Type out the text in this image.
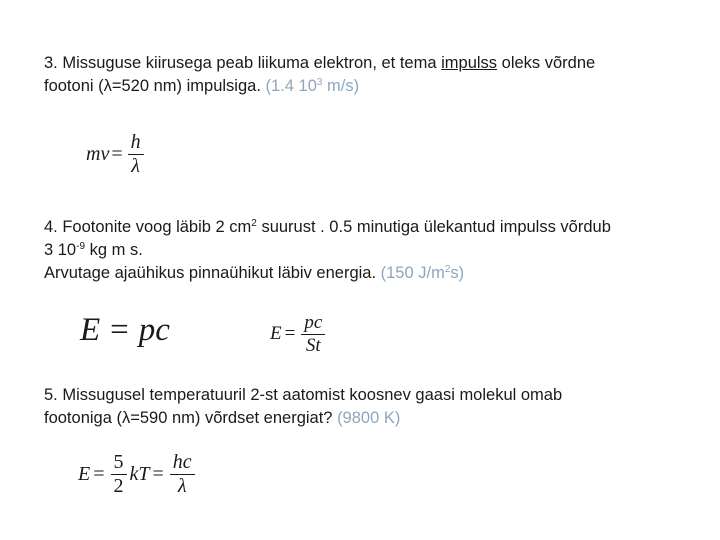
3. Missuguse kiirusega peab liikuma elektron, et tema impulss oleks võrdne
footoni (λ=520 nm) impulsiga. (1.4 $10^3$ m/s)

mv = $\frac{h}{\lambda}$

4. Footonite voog läbib 2 $cm^2$ suurust . 0.5 minutiga ülekantud impulss võrdub
3 $10^{-9}$ kg m s.
Arvutage ajaühikus pinnaühikut läbiv energia. (150 $J/m^2s$)

E = pc	$E = \frac{pc}{St}$

5. Missugusel temperatuuril 2-st aatomist koosnev gaasi molekul omab
footoniga (λ=590 nm) võrdset energiat? (9800 K)

$E = \frac{5}{2}$ kT = $\frac{hc}{\lambda}$
